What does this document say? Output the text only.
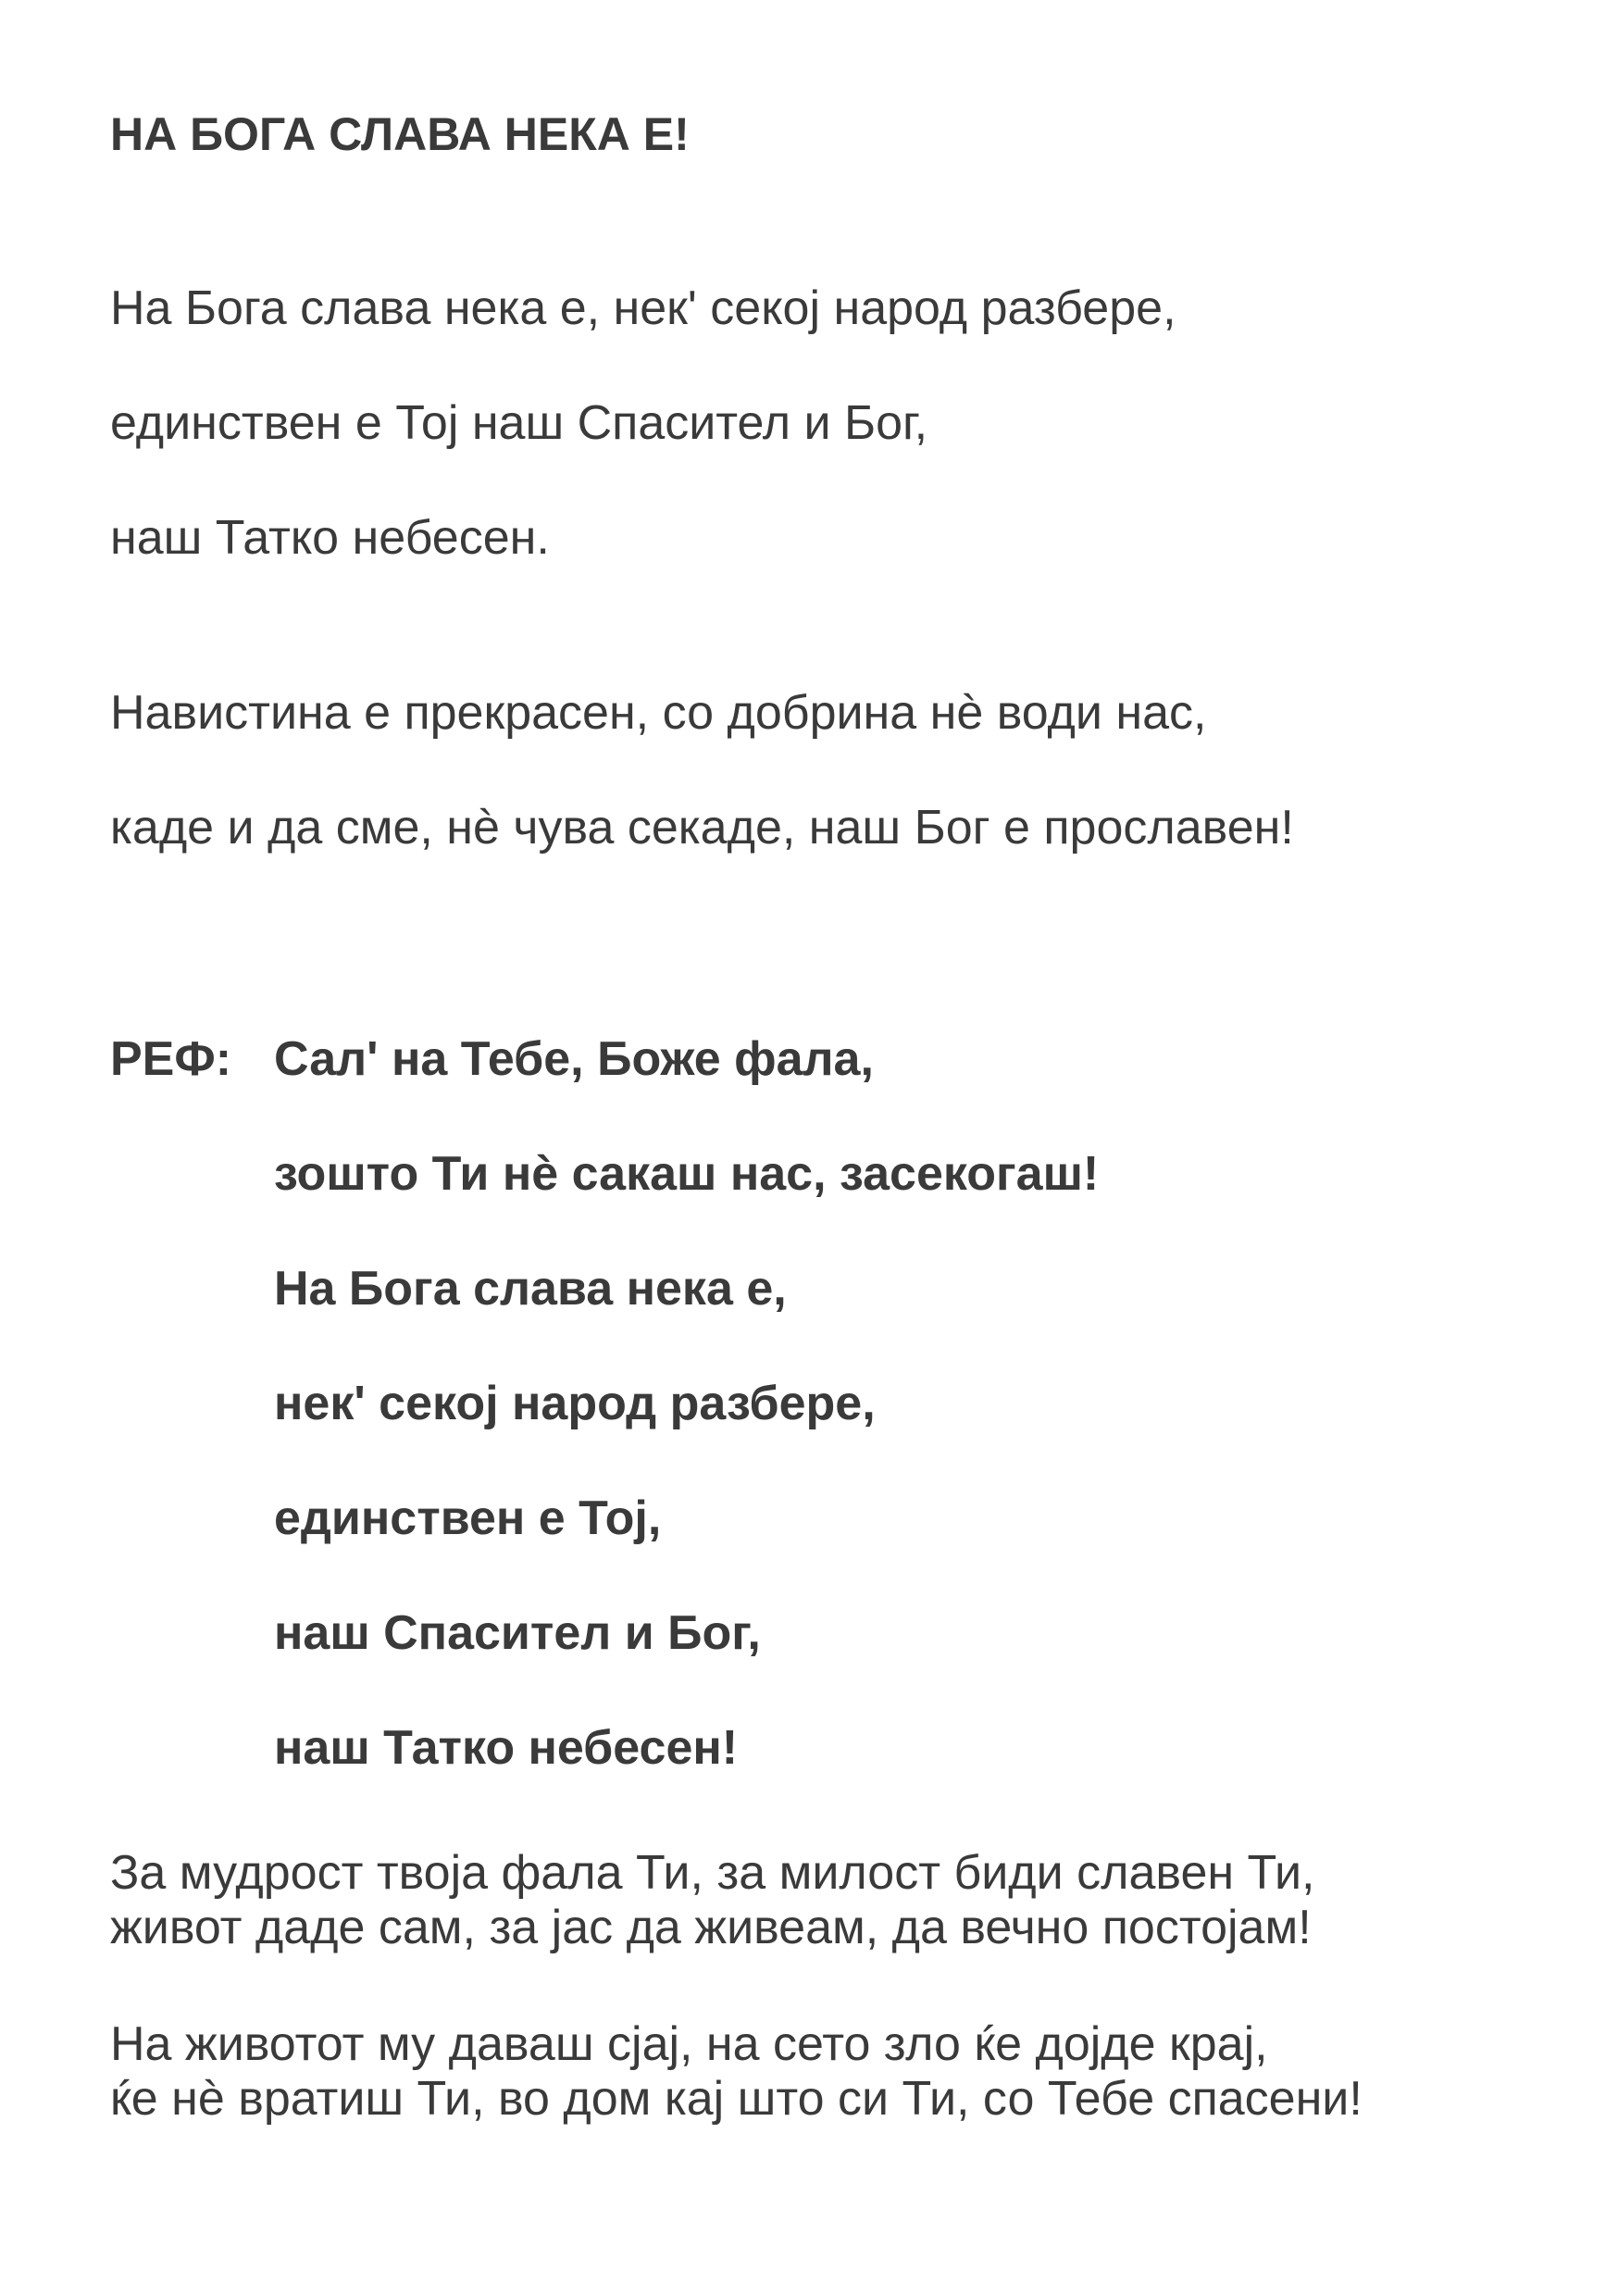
НА БОГА СЛАВА НЕКА Е!
На Бога слава нека е, нек' секој народ разбере,
единствен е Тој наш Спасител и Бог,
наш Татко небесен.
Навистина е прекрасен, со добрина нѐ води нас,
каде и да сме, нѐ чува секаде, наш Бог е прославен!
РЕФ: Сал' на Тебе, Боже фала,
зошто Ти нѐ сакаш нас, засекогаш!
На Бога слава нека е,
нек' секој народ разбере,
единствен е Тој,
наш Спасител и Бог,
наш Татко небесен!
За мудрост твоја фала Ти, за милост биди славен Ти,
живот даде сам, за јас да живеам, да вечно постојам!
На животот му даваш сјај, на сето зло ќе дојде крај,
ќе нѐ вратиш Ти, во дом кај што си Ти, со Тебе спасени!
